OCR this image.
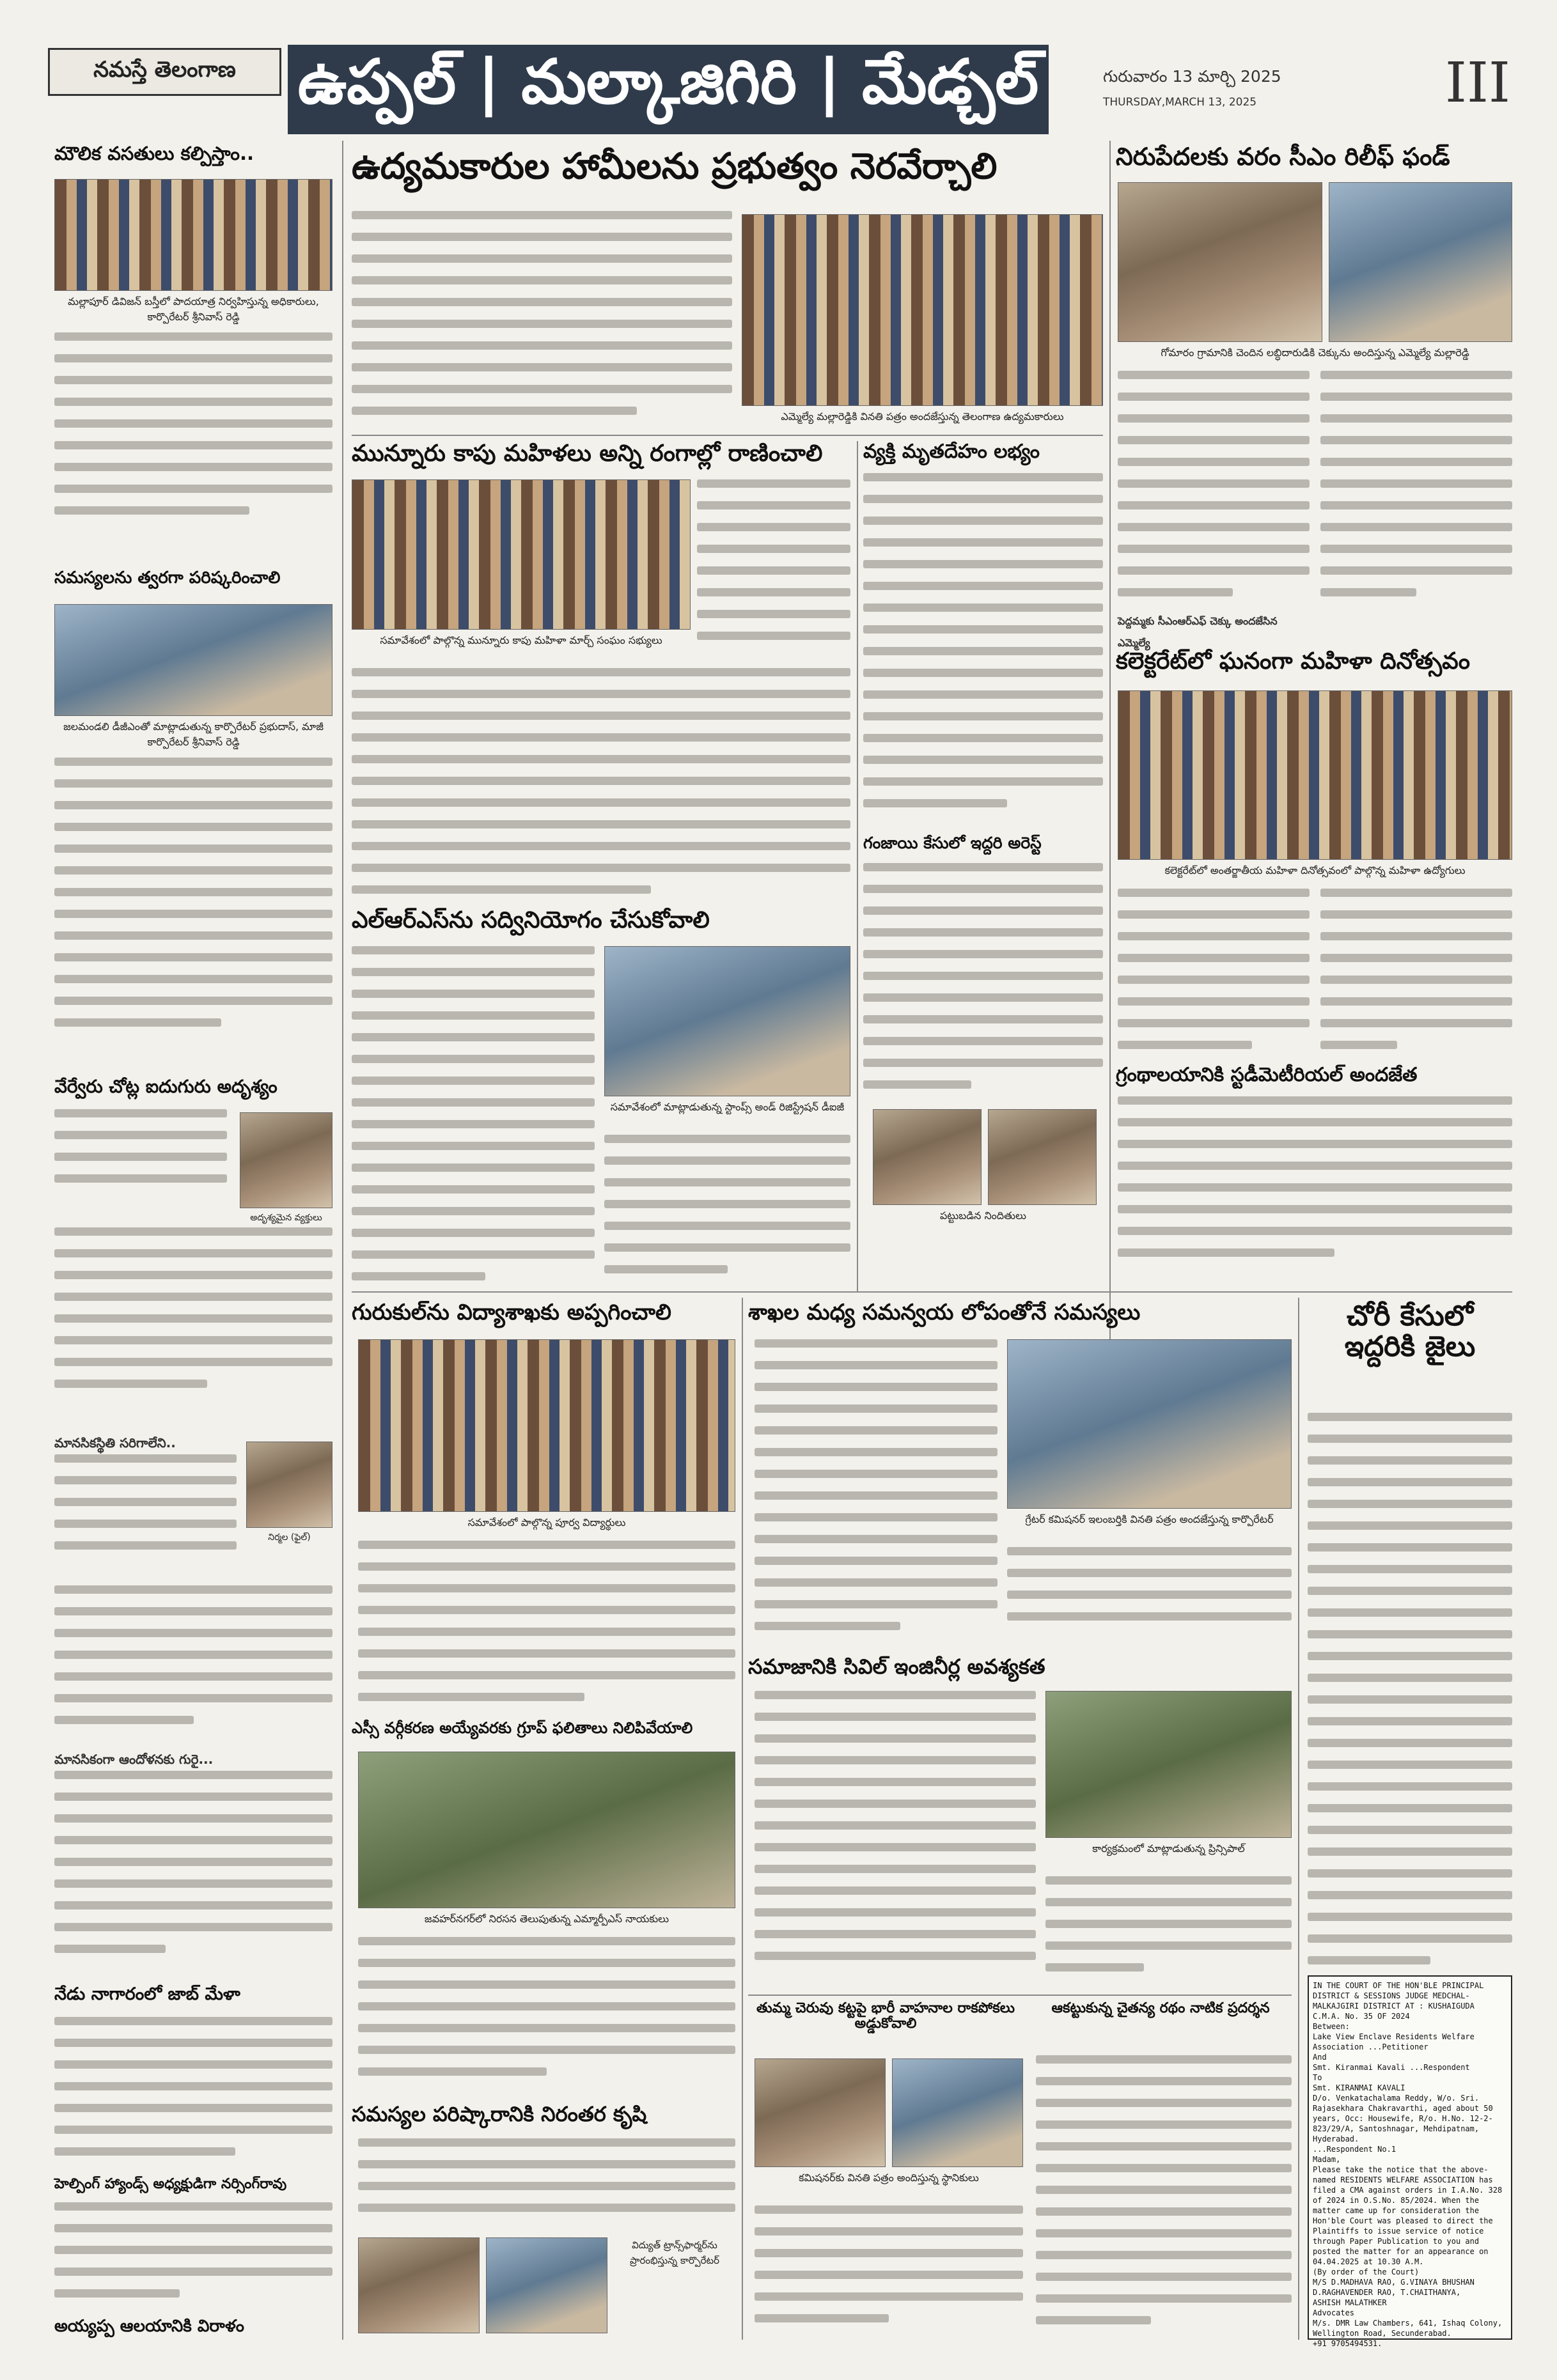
నమస్తే తెలంగాణ	ఉప్పల్ | మల్కాజిగిరి | మేడ్చల్	గురువారం 13 మార్చి 2025
THURSDAY,MARCH 13, 2025	III
మౌలిక వసతులు కల్పిస్తాం..
మల్లాపూర్ డివిజన్ బస్తీలో పాదయాత్ర నిర్వహిస్తున్న అధికారులు, కార్పొరేటర్ శ్రీనివాస్ రెడ్డి
సమస్యలను త్వరగా పరిష్కరించాలి
జలమండలి డీజీఎంతో మాట్లాడుతున్న కార్పొరేటర్ ప్రభుదాస్, మాజీ కార్పొరేటర్ శ్రీనివాస్ రెడ్డి
వేర్వేరు చోట్ల ఐదుగురు అదృశ్యం
అదృశ్యమైన వ్యక్తులు
మానసికస్థితి సరిగాలేని..
నిర్మల (ఫైల్)
మానసికంగా ఆందోళనకు గురై...
నేడు నాగారంలో జాబ్ మేళా
హెల్పింగ్ హ్యాండ్స్ అధ్యక్షుడిగా నర్సింగ్‌రావు
అయ్యప్ప ఆలయానికి విరాళం
ఉద్యమకారుల హామీలను ప్రభుత్వం నెరవేర్చాలి
ఎమ్మెల్యే మల్లారెడ్డికి వినతి పత్రం అందజేస్తున్న తెలంగాణ ఉద్యమకారులు
మున్నూరు కాపు మహిళలు అన్ని రంగాల్లో రాణించాలి
సమావేశంలో పాల్గొన్న మున్నూరు కాపు మహిళా మార్చ్ సంఘం సభ్యులు
ఎల్‌ఆర్‌ఎస్‌ను సద్వినియోగం చేసుకోవాలి
సమావేశంలో మాట్లాడుతున్న స్టాంప్స్ అండ్ రిజిస్ట్రేషన్ డీఐజీ
వ్యక్తి మృతదేహం లభ్యం
గంజాయి కేసులో ఇద్దరి అరెస్ట్
పట్టుబడిన నిందితులు
నిరుపేదలకు వరం సీఎం రిలీఫ్ ఫండ్
గోమారం గ్రామానికి చెందిన లబ్ధిదారుడికి చెక్కును అందిస్తున్న ఎమ్మెల్యే మల్లారెడ్డి
పెద్దమ్మకు సీఎంఆర్‌ఎఫ్ చెక్కు అందజేసిన ఎమ్మెల్యే
కలెక్టరేట్‌లో ఘనంగా మహిళా దినోత్సవం
కలెక్టరేట్‌లో అంతర్జాతీయ మహిళా దినోత్సవంలో పాల్గొన్న మహిళా ఉద్యోగులు
గ్రంథాలయానికి స్టడీమెటీరియల్ అందజేత
గురుకుల్‌ను విద్యాశాఖకు అప్పగించాలి
సమావేశంలో పాల్గొన్న పూర్వ విద్యార్థులు
ఎస్సీ వర్గీకరణ అయ్యేవరకు గ్రూప్ ఫలితాలు నిలిపివేయాలి
జవహర్‌నగర్‌లో నిరసన తెలుపుతున్న ఎమ్మార్పీఎస్ నాయకులు
సమస్యల పరిష్కారానికి నిరంతర కృషి
విద్యుత్ ట్రాన్స్‌ఫార్మర్‌ను ప్రారంభిస్తున్న కార్పొరేటర్
శాఖల మధ్య సమన్వయ లోపంతోనే సమస్యలు
గ్రేటర్ కమిషనర్ ఇలంబర్తికి వినతి పత్రం అందజేస్తున్న కార్పొరేటర్
సమాజానికి సివిల్ ఇంజినీర్ల అవశ్యకత
కార్యక్రమంలో మాట్లాడుతున్న ప్రిన్సిపాల్
తుమ్మ చెరువు కట్టపై భారీ వాహనాల రాకపోకలు అడ్డుకోవాలి
కమిషనర్‌కు వినతి పత్రం అందిస్తున్న స్థానికులు
ఆకట్టుకున్న చైతన్య రథం నాటిక ప్రదర్శన
చోరీ కేసులో ఇద్దరికి జైలు
IN THE COURT OF THE HON'BLE PRINCIPAL DISTRICT & SESSIONS JUDGE MEDCHAL-MALKAJGIRI DISTRICT AT : KUSHAIGUDA
C.M.A. No. 35 OF 2024
Between:
Lake View Enclave Residents Welfare Association ...Petitioner
And
Smt. Kiranmai Kavali ...Respondent
To
Smt. KIRANMAI KAVALI
D/o. Venkatachalama Reddy, W/o. Sri. Rajasekhara Chakravarthi, aged about 50 years, Occ: Housewife, R/o. H.No. 12-2-823/29/A, Santoshnagar, Mehdipatnam, Hyderabad.
...Respondent No.1
Madam,
Please take the notice that the above-named RESIDENTS WELFARE ASSOCIATION has filed a CMA against orders in I.A.No. 328 of 2024 in O.S.No. 85/2024. When the matter came up for consideration the Hon'ble Court was pleased to direct the Plaintiffs to issue service of notice through Paper Publication to you and posted the matter for an appearance on 04.04.2025 at 10.30 A.M.
(By order of the Court)
M/S D.MADHAVA RAO, G.VINAYA BHUSHAN
D.RAGHAVENDER RAO, T.CHAITHANYA,
ASHISH MALATHKER
Advocates
M/s. DMR Law Chambers, 641, Ishaq Colony,
Wellington Road, Secunderabad.
+91 9705494531.
